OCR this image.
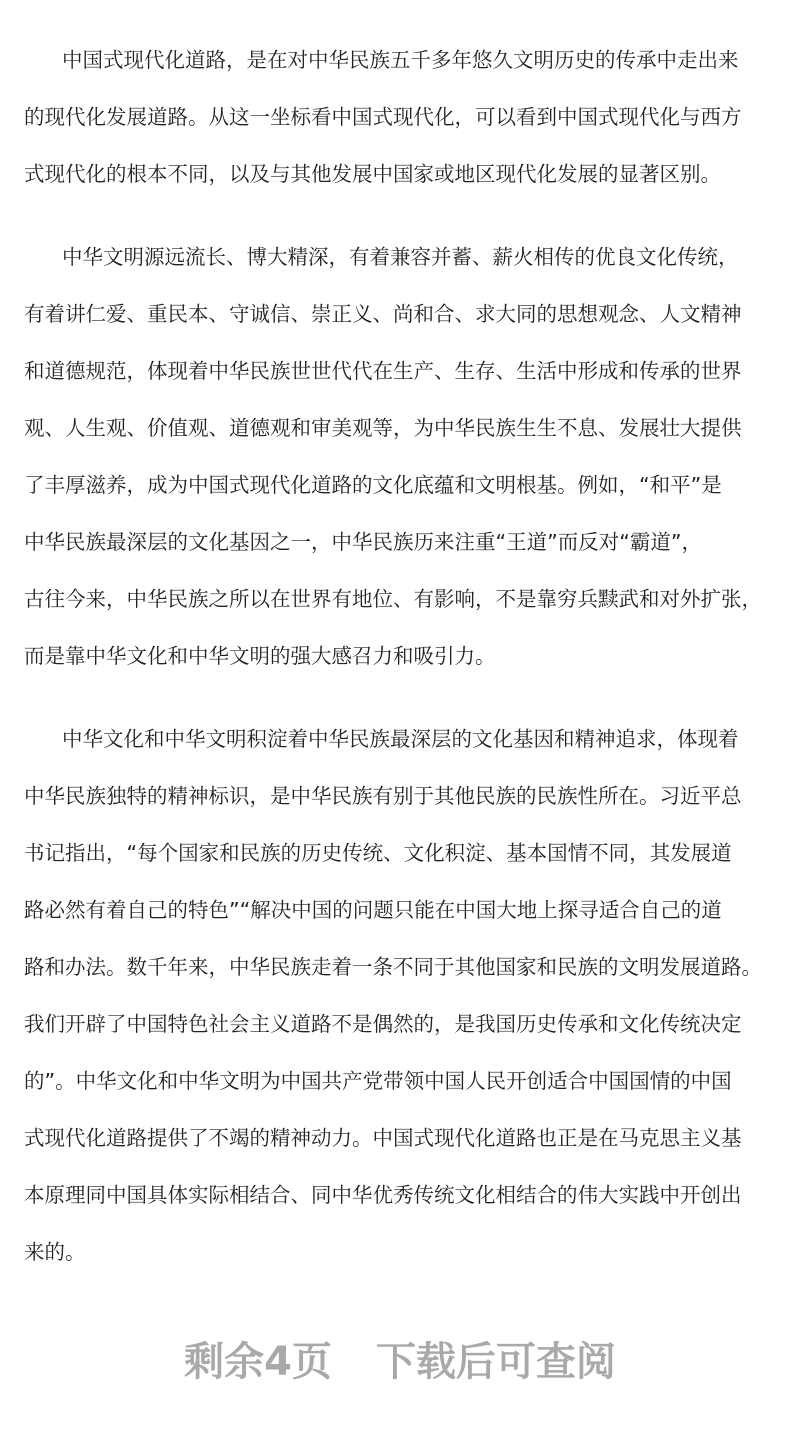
中国式现代化道路，是在对中华民族五千多年悠久文明历史的传承中走出来
的现代化发展道路。从这一坐标看中国式现代化，可以看到中国式现代化与西方
式现代化的根本不同，以及与其他发展中国家或地区现代化发展的显著区别。
中华文明源远流长、博大精深，有着兼容并蓄、薪火相传的优良文化传统，
有着讲仁爱、重民本、守诚信、崇正义、尚和合、求大同的思想观念、人文精神
和道德规范，体现着中华民族世世代代在生产、生存、生活中形成和传承的世界
观、人生观、价值观、道德观和审美观等，为中华民族生生不息、发展壮大提供
了丰厚滋养，成为中国式现代化道路的文化底蕴和文明根基。例如，“和平”是
中华民族最深层的文化基因之一，中华民族历来注重“王道”而反对“霸道”，
古往今来，中华民族之所以在世界有地位、有影响，不是靠穷兵黩武和对外扩张，
而是靠中华文化和中华文明的强大感召力和吸引力。
中华文化和中华文明积淀着中华民族最深层的文化基因和精神追求，体现着
中华民族独特的精神标识，是中华民族有别于其他民族的民族性所在。习近平总
书记指出，“每个国家和民族的历史传统、文化积淀、基本国情不同，其发展道
路必然有着自己的特色”“解决中国的问题只能在中国大地上探寻适合自己的道
路和办法。数千年来，中华民族走着一条不同于其他国家和民族的文明发展道路。
我们开辟了中国特色社会主义道路不是偶然的，是我国历史传承和文化传统决定
的”。中华文化和中华文明为中国共产党带领中国人民开创适合中国国情的中国
式现代化道路提供了不竭的精神动力。中国式现代化道路也正是在马克思主义基
本原理同中国具体实际相结合、同中华优秀传统文化相结合的伟大实践中开创出
来的。
剩余4页 下载后可查阅
